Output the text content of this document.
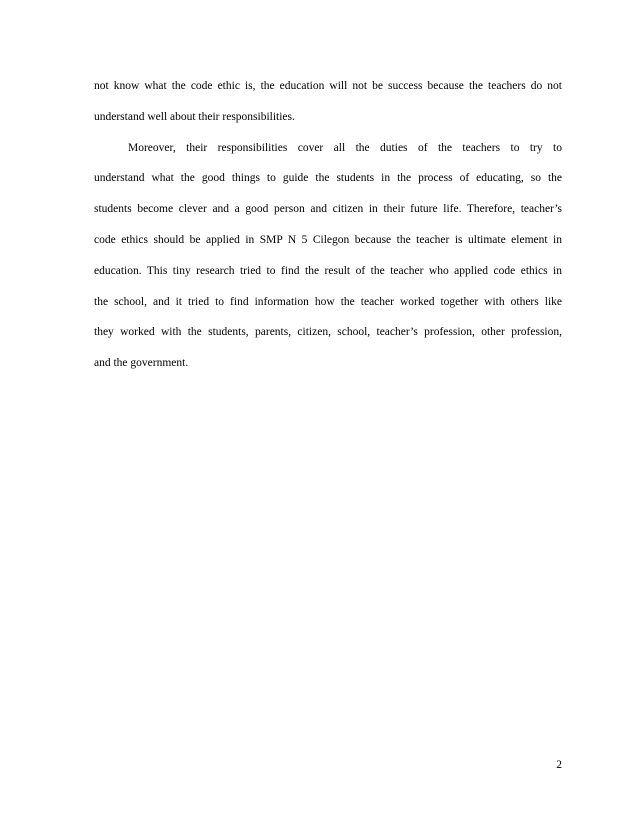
not know what the code ethic is, the education will not be success because the teachers do not
understand well about their responsibilities.
Moreover, their responsibilities cover all the duties of the teachers to try to
understand what the good things to guide the students in the process of educating, so the
students become clever and a good person and citizen in their future life. Therefore, teacher’s
code ethics should be applied in SMP N 5 Cilegon because the teacher is ultimate element in
education. This tiny research tried to find the result of the teacher who applied code ethics in
the school, and it tried to find information how the teacher worked together with others like
they worked with the students, parents, citizen, school, teacher’s profession, other profession,
and the government.
2
